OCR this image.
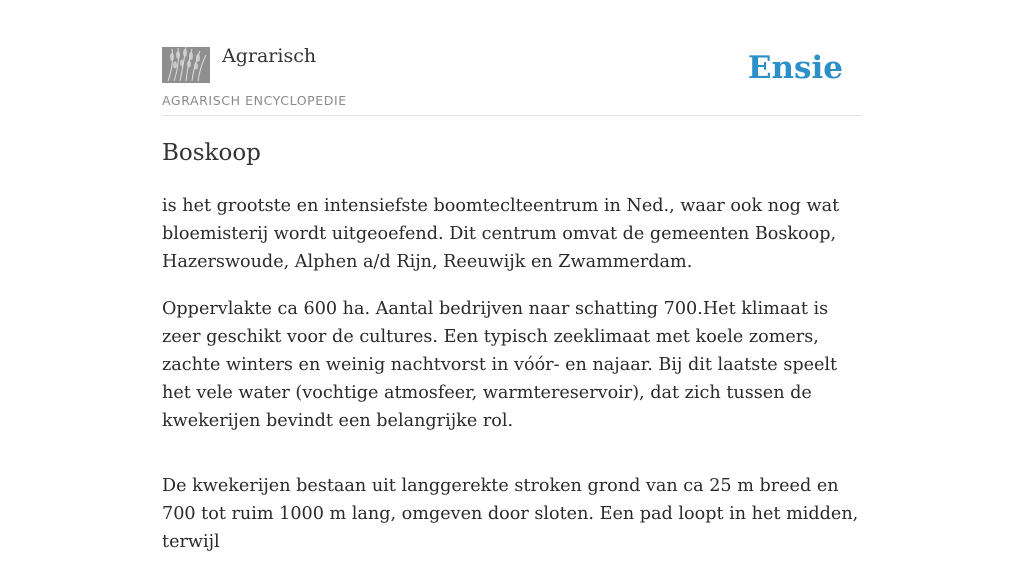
Agrarisch
AGRARISCH ENCYCLOPEDIE
Ensie
Boskoop

is het grootste en intensiefste boomteclteentrum in Ned., waar ook nog wat bloemisterij wordt uitgeoefend. Dit centrum omvat de gemeenten Boskoop, Hazerswoude, Alphen a/d Rijn, Reeuwijk en Zwammerdam.

Oppervlakte ca 600 ha. Aantal bedrijven naar schatting 700.Het klimaat is zeer geschikt voor de cultures. Een typisch zeeklimaat met koele zomers, zachte winters en weinig nachtvorst in vóór- en najaar. Bij dit laatste speelt het vele water (vochtige atmosfeer, warmtereservoir), dat zich tussen de kwekerijen bevindt een belangrijke rol.

De kwekerijen bestaan uit langgerekte stroken grond van ca 25 m breed en 700 tot ruim 1000 m lang, omgeven door sloten. Een pad loopt in het midden, terwijl
